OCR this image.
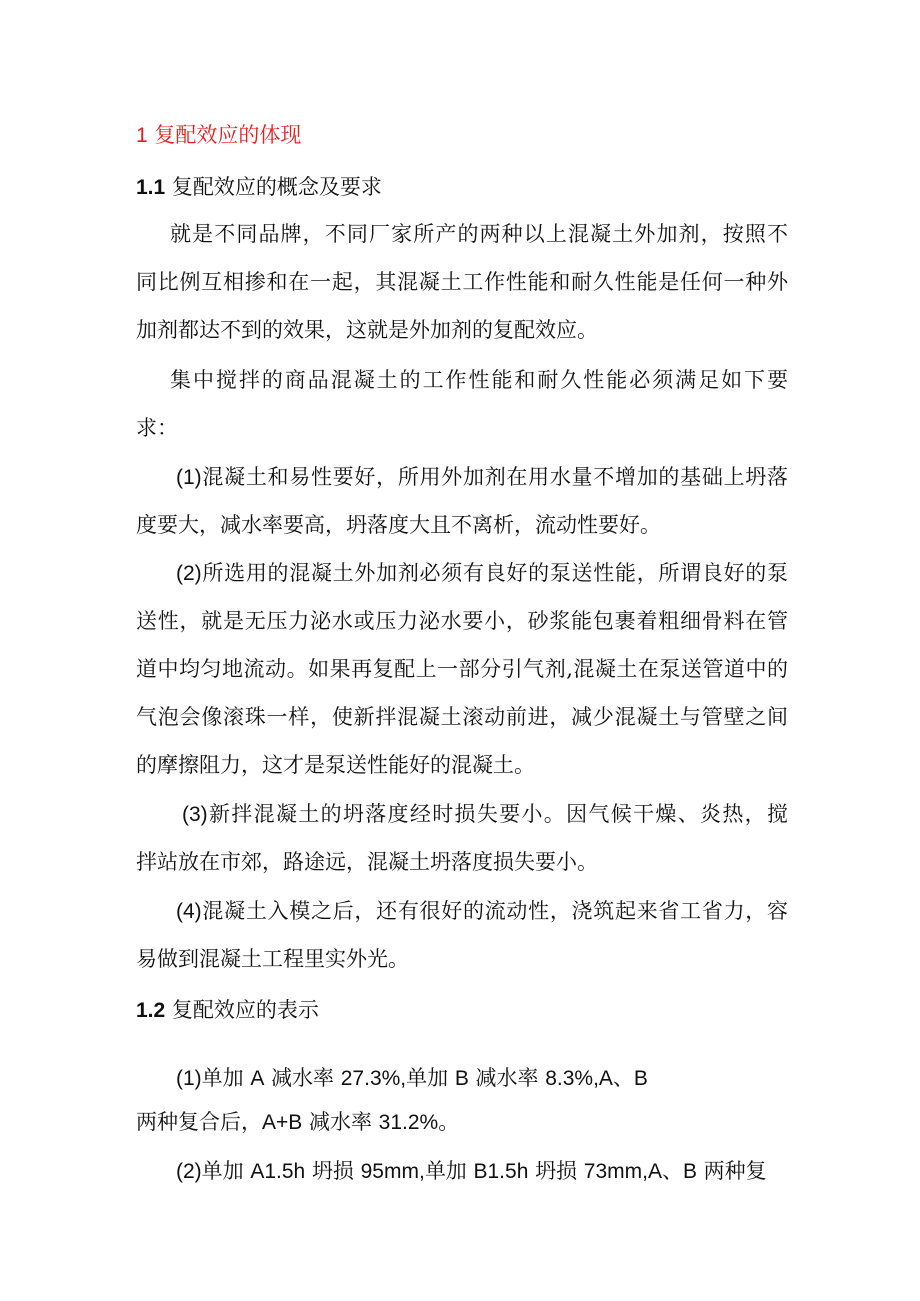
1 复配效应的体现
1.1 复配效应的概念及要求
就是不同品牌，不同厂家所产的两种以上混凝土外加剂，按照不
同比例互相掺和在一起，其混凝土工作性能和耐久性能是任何一种外
加剂都达不到的效果，这就是外加剂的复配效应。
集中搅拌的商品混凝土的工作性能和耐久性能必须满足如下要
求：
(1)混凝土和易性要好，所用外加剂在用水量不增加的基础上坍落
度要大，减水率要高，坍落度大且不离析，流动性要好。
(2)所选用的混凝土外加剂必须有良好的泵送性能，所谓良好的泵
送性，就是无压力泌水或压力泌水要小，砂浆能包裹着粗细骨料在管
道中均匀地流动。如果再复配上一部分引气剂,混凝土在泵送管道中的
气泡会像滚珠一样，使新拌混凝土滚动前进，减少混凝土与管壁之间
的摩擦阻力，这才是泵送性能好的混凝土。
(3)新拌混凝土的坍落度经时损失要小。因气候干燥、炎热，搅
拌站放在市郊，路途远，混凝土坍落度损失要小。
(4)混凝土入模之后，还有很好的流动性，浇筑起来省工省力，容
易做到混凝土工程里实外光。
1.2 复配效应的表示
(1)单加 A 减水率 27.3%,单加 B 减水率 8.3%,A、B
两种复合后，A+B 减水率 31.2%。
(2)单加 A1.5h 坍损 95mm,单加 B1.5h 坍损 73mm,A、B 两种复
